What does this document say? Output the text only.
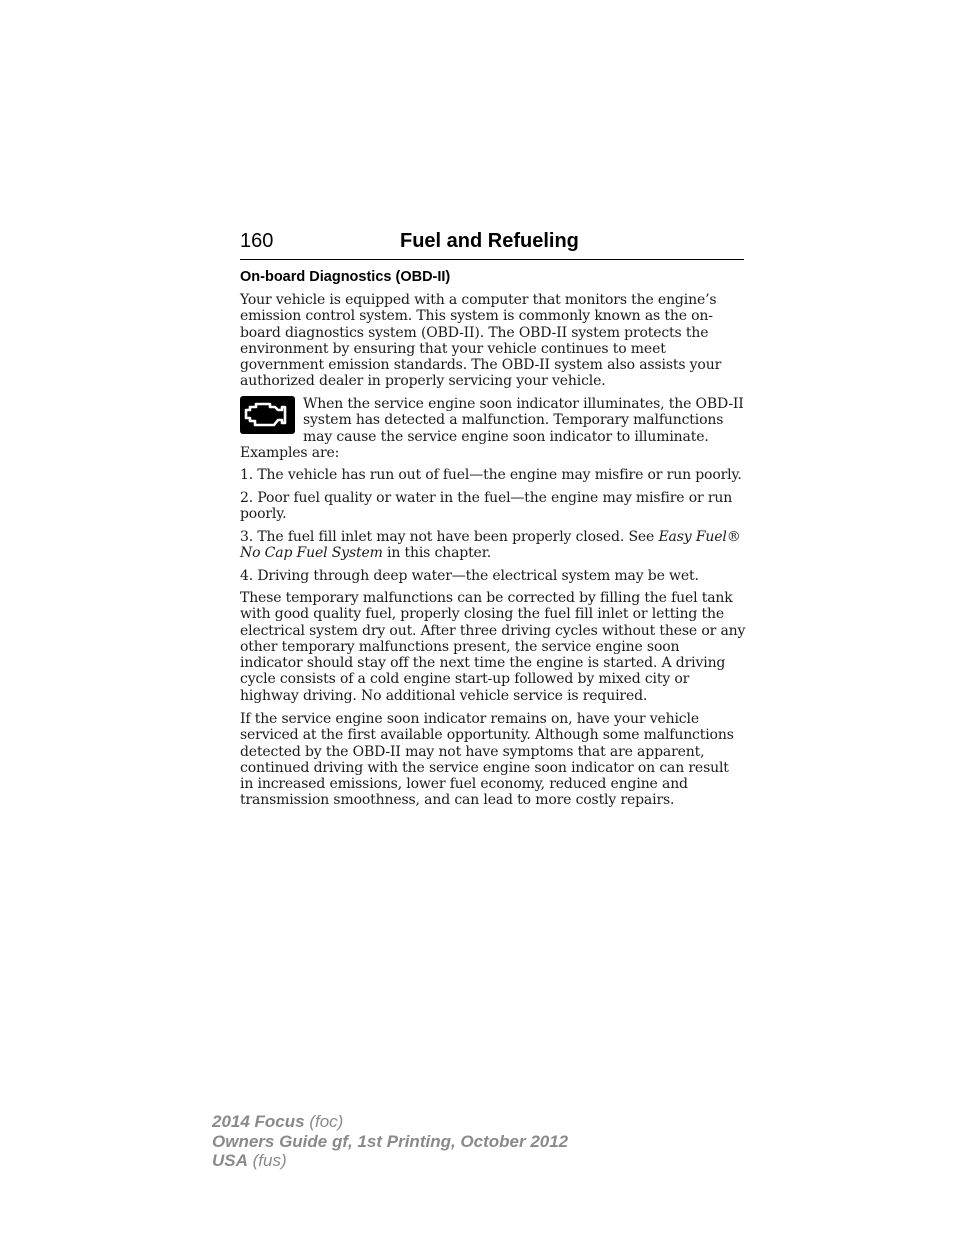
160	Fuel and Refueling
On-board Diagnostics (OBD-II)

Your vehicle is equipped with a computer that monitors the engine’s emission control system. This system is commonly known as the on-board diagnostics system (OBD-II). The OBD-II system protects the environment by ensuring that your vehicle continues to meet government emission standards. The OBD-II system also assists your authorized dealer in properly servicing your vehicle.

When the service engine soon indicator illuminates, the OBD-II system has detected a malfunction. Temporary malfunctions may cause the service engine soon indicator to illuminate.

Examples are:

1. The vehicle has run out of fuel—the engine may misfire or run poorly.

2. Poor fuel quality or water in the fuel—the engine may misfire or run poorly.

3. The fuel fill inlet may not have been properly closed. See Easy Fuel® No Cap Fuel System in this chapter.

4. Driving through deep water—the electrical system may be wet.

These temporary malfunctions can be corrected by filling the fuel tank with good quality fuel, properly closing the fuel fill inlet or letting the electrical system dry out. After three driving cycles without these or any other temporary malfunctions present, the service engine soon indicator should stay off the next time the engine is started. A driving cycle consists of a cold engine start-up followed by mixed city or highway driving. No additional vehicle service is required.

If the service engine soon indicator remains on, have your vehicle serviced at the first available opportunity. Although some malfunctions detected by the OBD-II may not have symptoms that are apparent, continued driving with the service engine soon indicator on can result in increased emissions, lower fuel economy, reduced engine and transmission smoothness, and can lead to more costly repairs.

2014 Focus (foc)
Owners Guide gf, 1st Printing, October 2012
USA (fus)
